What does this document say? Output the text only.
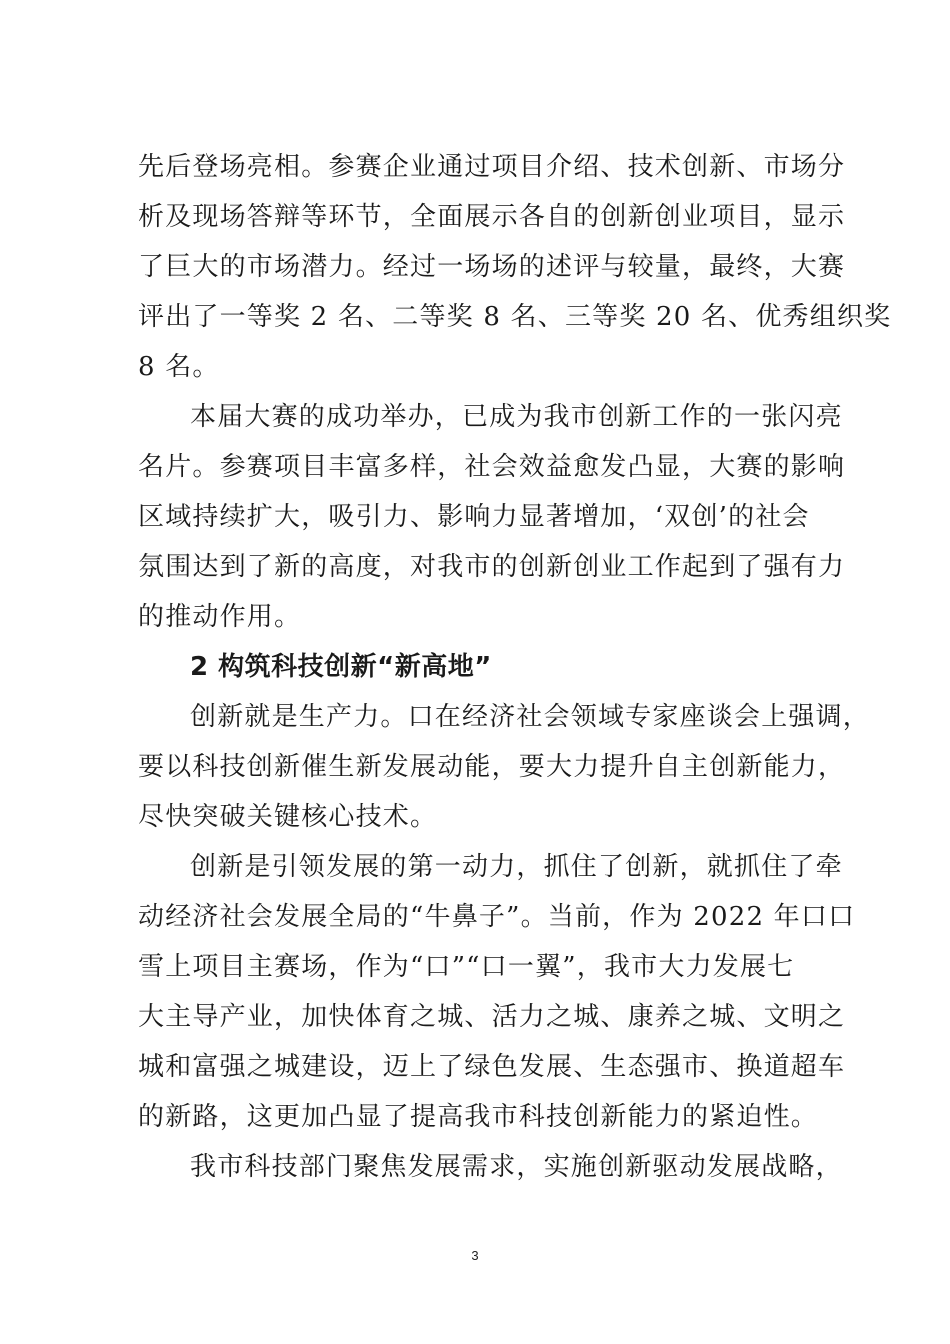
先后登场亮相。参赛企业通过项目介绍、技术创新、市场分
析及现场答辩等环节，全面展示各自的创新创业项目，显示
了巨大的市场潜力。经过一场场的述评与较量，最终，大赛
评出了一等奖 2 名、二等奖 8 名、三等奖 20 名、优秀组织奖
8 名。
本届大赛的成功举办，已成为我市创新工作的一张闪亮
名片。参赛项目丰富多样，社会效益愈发凸显，大赛的影响
区域持续扩大，吸引力、影响力显著增加，‘双创’的社会
氛围达到了新的高度，对我市的创新创业工作起到了强有力
的推动作用。
2 构筑科技创新“新高地”
创新就是生产力。口在经济社会领域专家座谈会上强调，
要以科技创新催生新发展动能，要大力提升自主创新能力，
尽快突破关键核心技术。
创新是引领发展的第一动力，抓住了创新，就抓住了牵
动经济社会发展全局的“牛鼻子”。当前，作为 2022 年口口
雪上项目主赛场，作为“口”“口一翼”，我市大力发展七
大主导产业，加快体育之城、活力之城、康养之城、文明之
城和富强之城建设，迈上了绿色发展、生态强市、换道超车
的新路，这更加凸显了提高我市科技创新能力的紧迫性。
我市科技部门聚焦发展需求，实施创新驱动发展战略，
3
